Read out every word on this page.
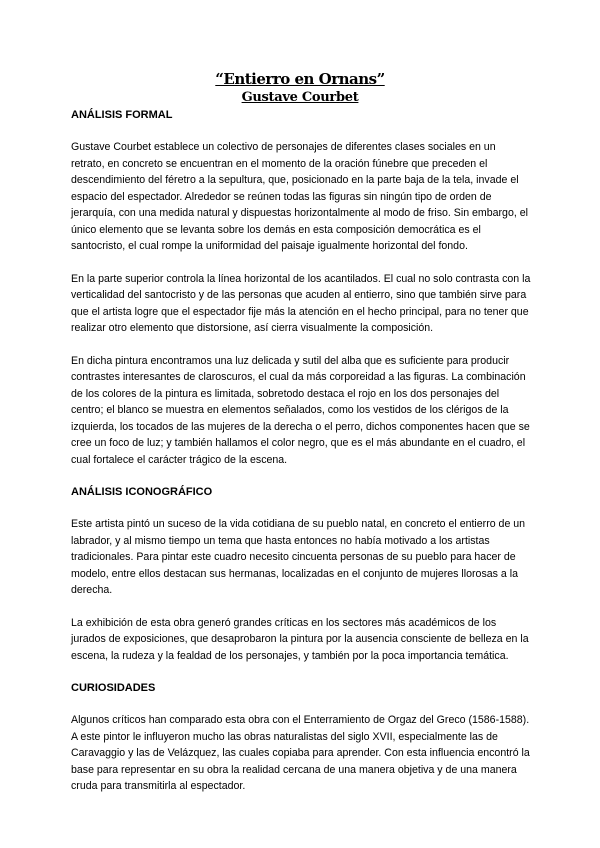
“Entierro en Ornans”
Gustave Courbet
ANÁLISIS FORMAL

Gustave Courbet establece un colectivo de personajes de diferentes clases sociales en un retrato, en concreto se encuentran en el momento de la oración fúnebre que preceden el descendimiento del féretro a la sepultura, que, posicionado en la parte baja de la tela, invade el espacio del espectador. Alrededor se reúnen todas las figuras sin ningún tipo de orden de jerarquía, con una medida natural y dispuestas horizontalmente al modo de friso. Sin embargo, el único elemento que se levanta sobre los demás en esta composición democrática es el santocristo, el cual rompe la uniformidad del paisaje igualmente horizontal del fondo.

En la parte superior controla la línea horizontal de los acantilados. El cual no solo contrasta con la verticalidad del santocristo y de las personas que acuden al entierro, sino que también sirve para que el artista logre que el espectador fije más la atención en el hecho principal, para no tener que realizar otro elemento que distorsione, así cierra visualmente la composición.

En dicha pintura encontramos una luz delicada y sutil del alba que es suficiente para producir contrastes interesantes de claroscuros, el cual da más corporeidad a las figuras. La combinación de los colores de la pintura es limitada, sobretodo destaca el rojo en los dos personajes del centro; el blanco se muestra en elementos señalados, como los vestidos de los clérigos de la izquierda, los tocados de las mujeres de la derecha o el perro, dichos componentes hacen que se cree un foco de luz; y también hallamos el color negro, que es el más abundante en el cuadro, el cual fortalece el carácter trágico de la escena.

ANÁLISIS ICONOGRÁFICO

Este artista pintó un suceso de la vida cotidiana de su pueblo natal, en concreto el entierro de un labrador, y al mismo tiempo un tema que hasta entonces no había motivado a los artistas tradicionales. Para pintar este cuadro necesito cincuenta personas de su pueblo para hacer de modelo, entre ellos destacan sus hermanas, localizadas en el conjunto de mujeres llorosas a la derecha.

La exhibición de esta obra generó grandes críticas en los sectores más académicos de los jurados de exposiciones, que desaprobaron la pintura por la ausencia consciente de belleza en la escena, la rudeza y la fealdad de los personajes, y también por la poca importancia temática.

CURIOSIDADES

Algunos críticos han comparado esta obra con el Enterramiento de Orgaz del Greco (1586-1588). A este pintor le influyeron mucho las obras naturalistas del siglo XVII, especialmente las de Caravaggio y las de Velázquez, las cuales copiaba para aprender. Con esta influencia encontró la base para representar en su obra la realidad cercana de una manera objetiva y de una manera cruda para transmitirla al espectador.
